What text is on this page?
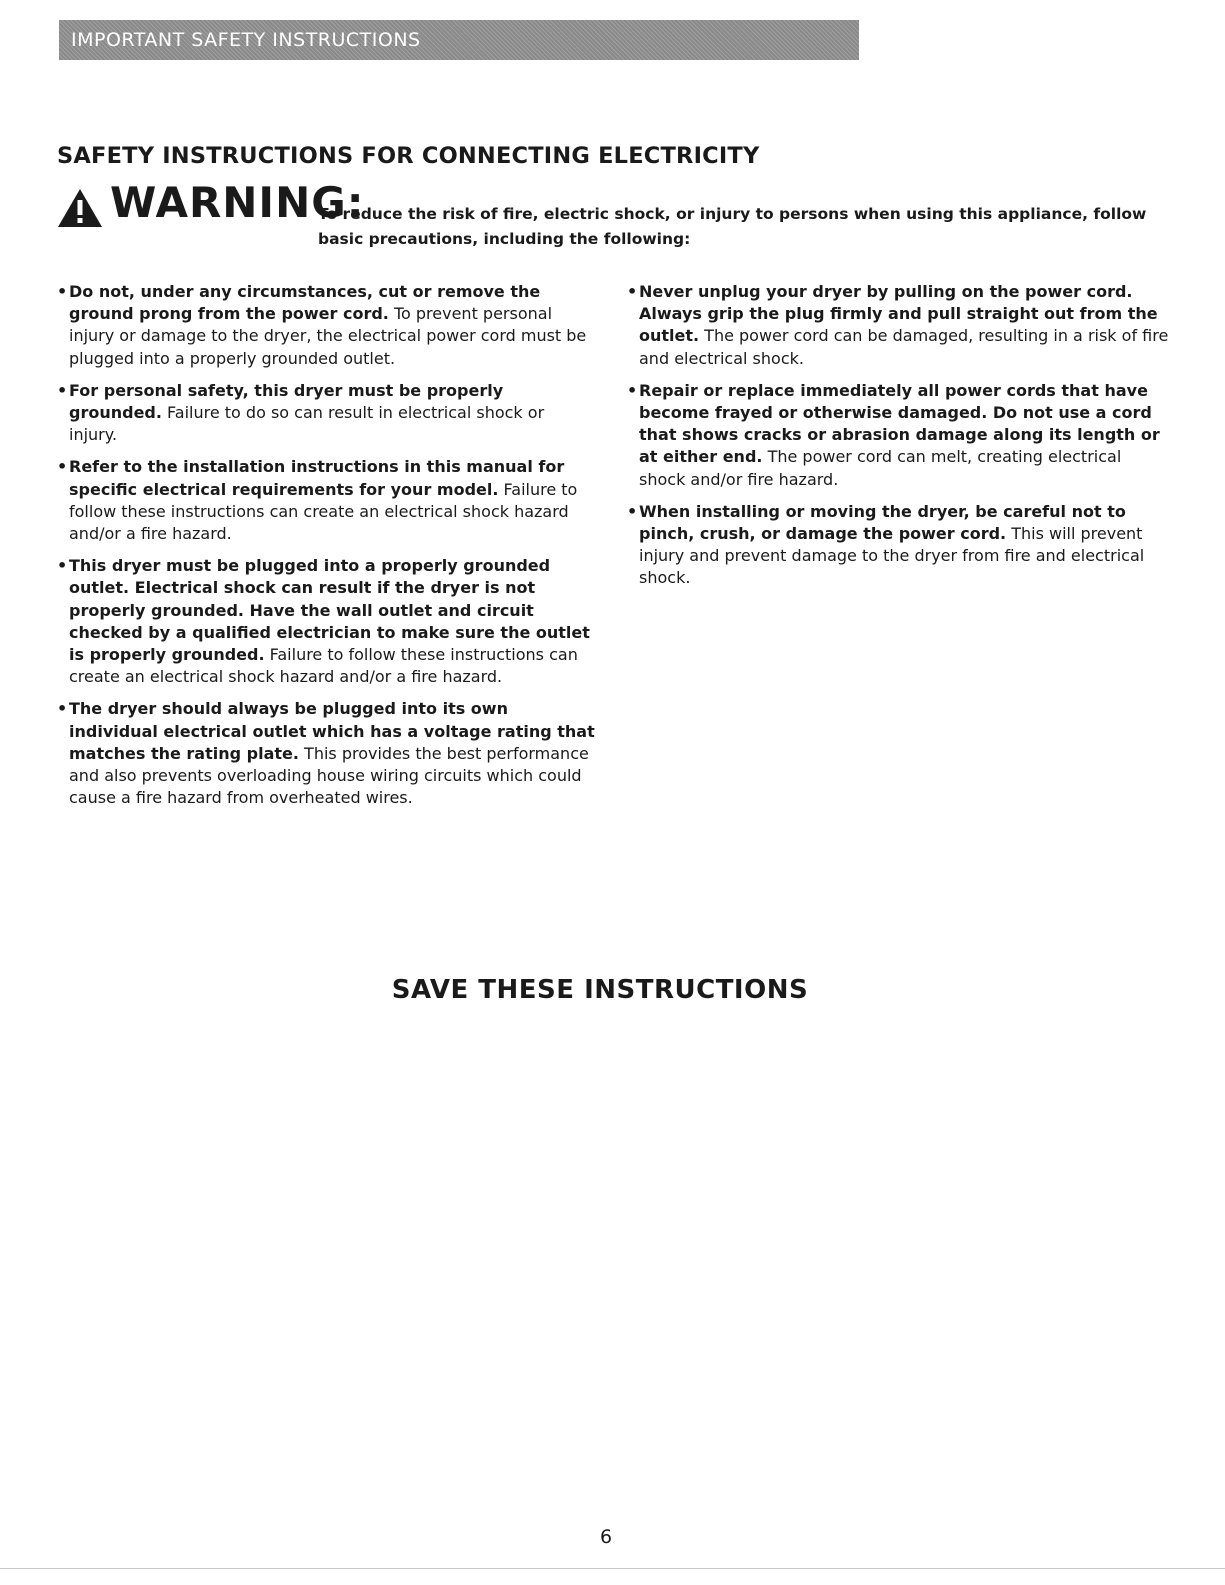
IMPORTANT SAFETY INSTRUCTIONS
SAFETY INSTRUCTIONS FOR CONNECTING ELECTRICITY
WARNING:
To reduce the risk of fire, electric shock, or injury to persons when using this appliance, follow basic precautions, including the following:

• Do not, under any circumstances, cut or remove the ground prong from the power cord. To prevent personal injury or damage to the dryer, the electrical power cord must be plugged into a properly grounded outlet.

• For personal safety, this dryer must be properly grounded. Failure to do so can result in electrical shock or injury.

• Refer to the installation instructions in this manual for specific electrical requirements for your model. Failure to follow these instructions can create an electrical shock hazard and/or a fire hazard.

• This dryer must be plugged into a properly grounded outlet. Electrical shock can result if the dryer is not properly grounded. Have the wall outlet and circuit checked by a qualified electrician to make sure the outlet is properly grounded. Failure to follow these instructions can create an electrical shock hazard and/or a fire hazard.

• The dryer should always be plugged into its own individual electrical outlet which has a voltage rating that matches the rating plate. This provides the best performance and also prevents overloading house wiring circuits which could cause a fire hazard from overheated wires.

• Never unplug your dryer by pulling on the power cord. Always grip the plug firmly and pull straight out from the outlet. The power cord can be damaged, resulting in a risk of fire and electrical shock.

• Repair or replace immediately all power cords that have become frayed or otherwise damaged. Do not use a cord that shows cracks or abrasion damage along its length or at either end. The power cord can melt, creating electrical shock and/or fire hazard.

• When installing or moving the dryer, be careful not to pinch, crush, or damage the power cord. This will prevent injury and prevent damage to the dryer from fire and electrical shock.

SAVE THESE INSTRUCTIONS
6
